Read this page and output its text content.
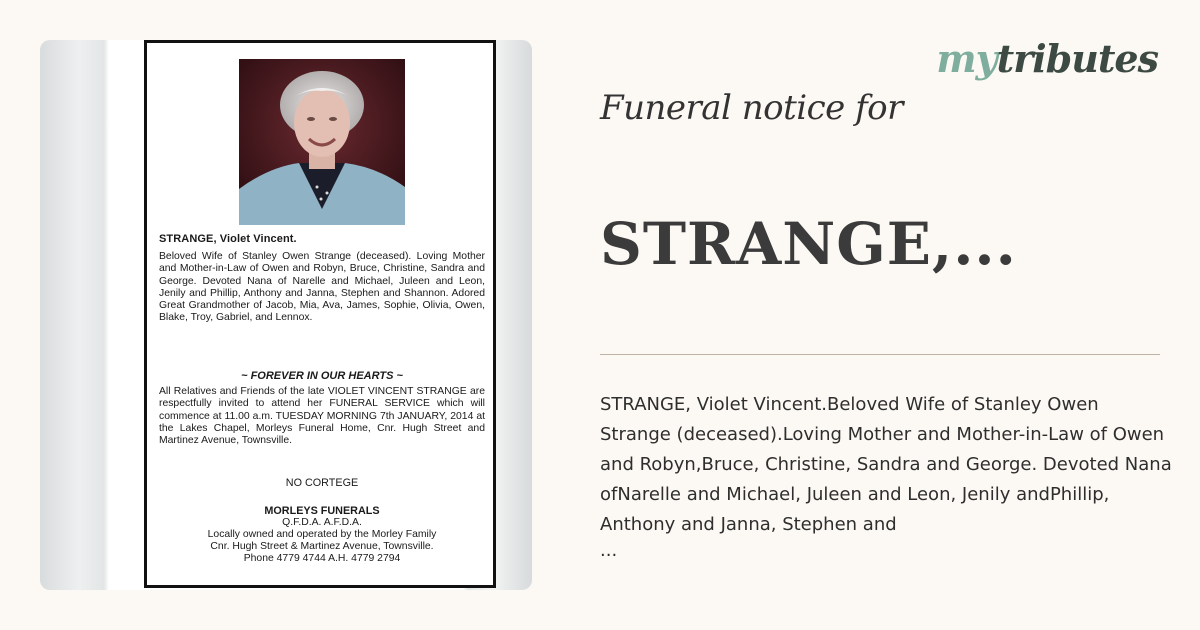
STRANGE, Violet Vincent.
Beloved Wife of Stanley Owen Strange (deceased). Loving Mother and Mother-in-Law of Owen and Robyn, Bruce, Christine, Sandra and George. Devoted Nana of Narelle and Michael, Juleen and Leon, Jenily and Phillip, Anthony and Janna, Stephen and Shannon. Adored Great Grandmother of Jacob, Mia, Ava, James, Sophie, Olivia, Owen, Blake, Troy, Gabriel, and Lennox.
~ FOREVER IN OUR HEARTS ~
All Relatives and Friends of the late VIOLET VINCENT STRANGE are respectfully invited to attend her FUNERAL SERVICE which will commence at 11.00 a.m. TUESDAY MORNING 7th JANUARY, 2014 at the Lakes Chapel, Morleys Funeral Home, Cnr. Hugh Street and Martinez Avenue, Townsville.
NO CORTEGE
MORLEYS FUNERALS
Q.F.D.A. A.F.D.A.
Locally owned and operated by the Morley Family
Cnr. Hugh Street & Martinez Avenue, Townsville.
Phone 4779 4744 A.H. 4779 2794
mytributes
Funeral notice for
STRANGE,...
STRANGE, Violet Vincent.Beloved Wife of Stanley Owen Strange (deceased).Loving Mother and Mother-in-Law of Owen and Robyn,Bruce, Christine, Sandra and George. Devoted Nana ofNarelle and Michael, Juleen and Leon, Jenily andPhillip, Anthony and Janna, Stephen and
...
